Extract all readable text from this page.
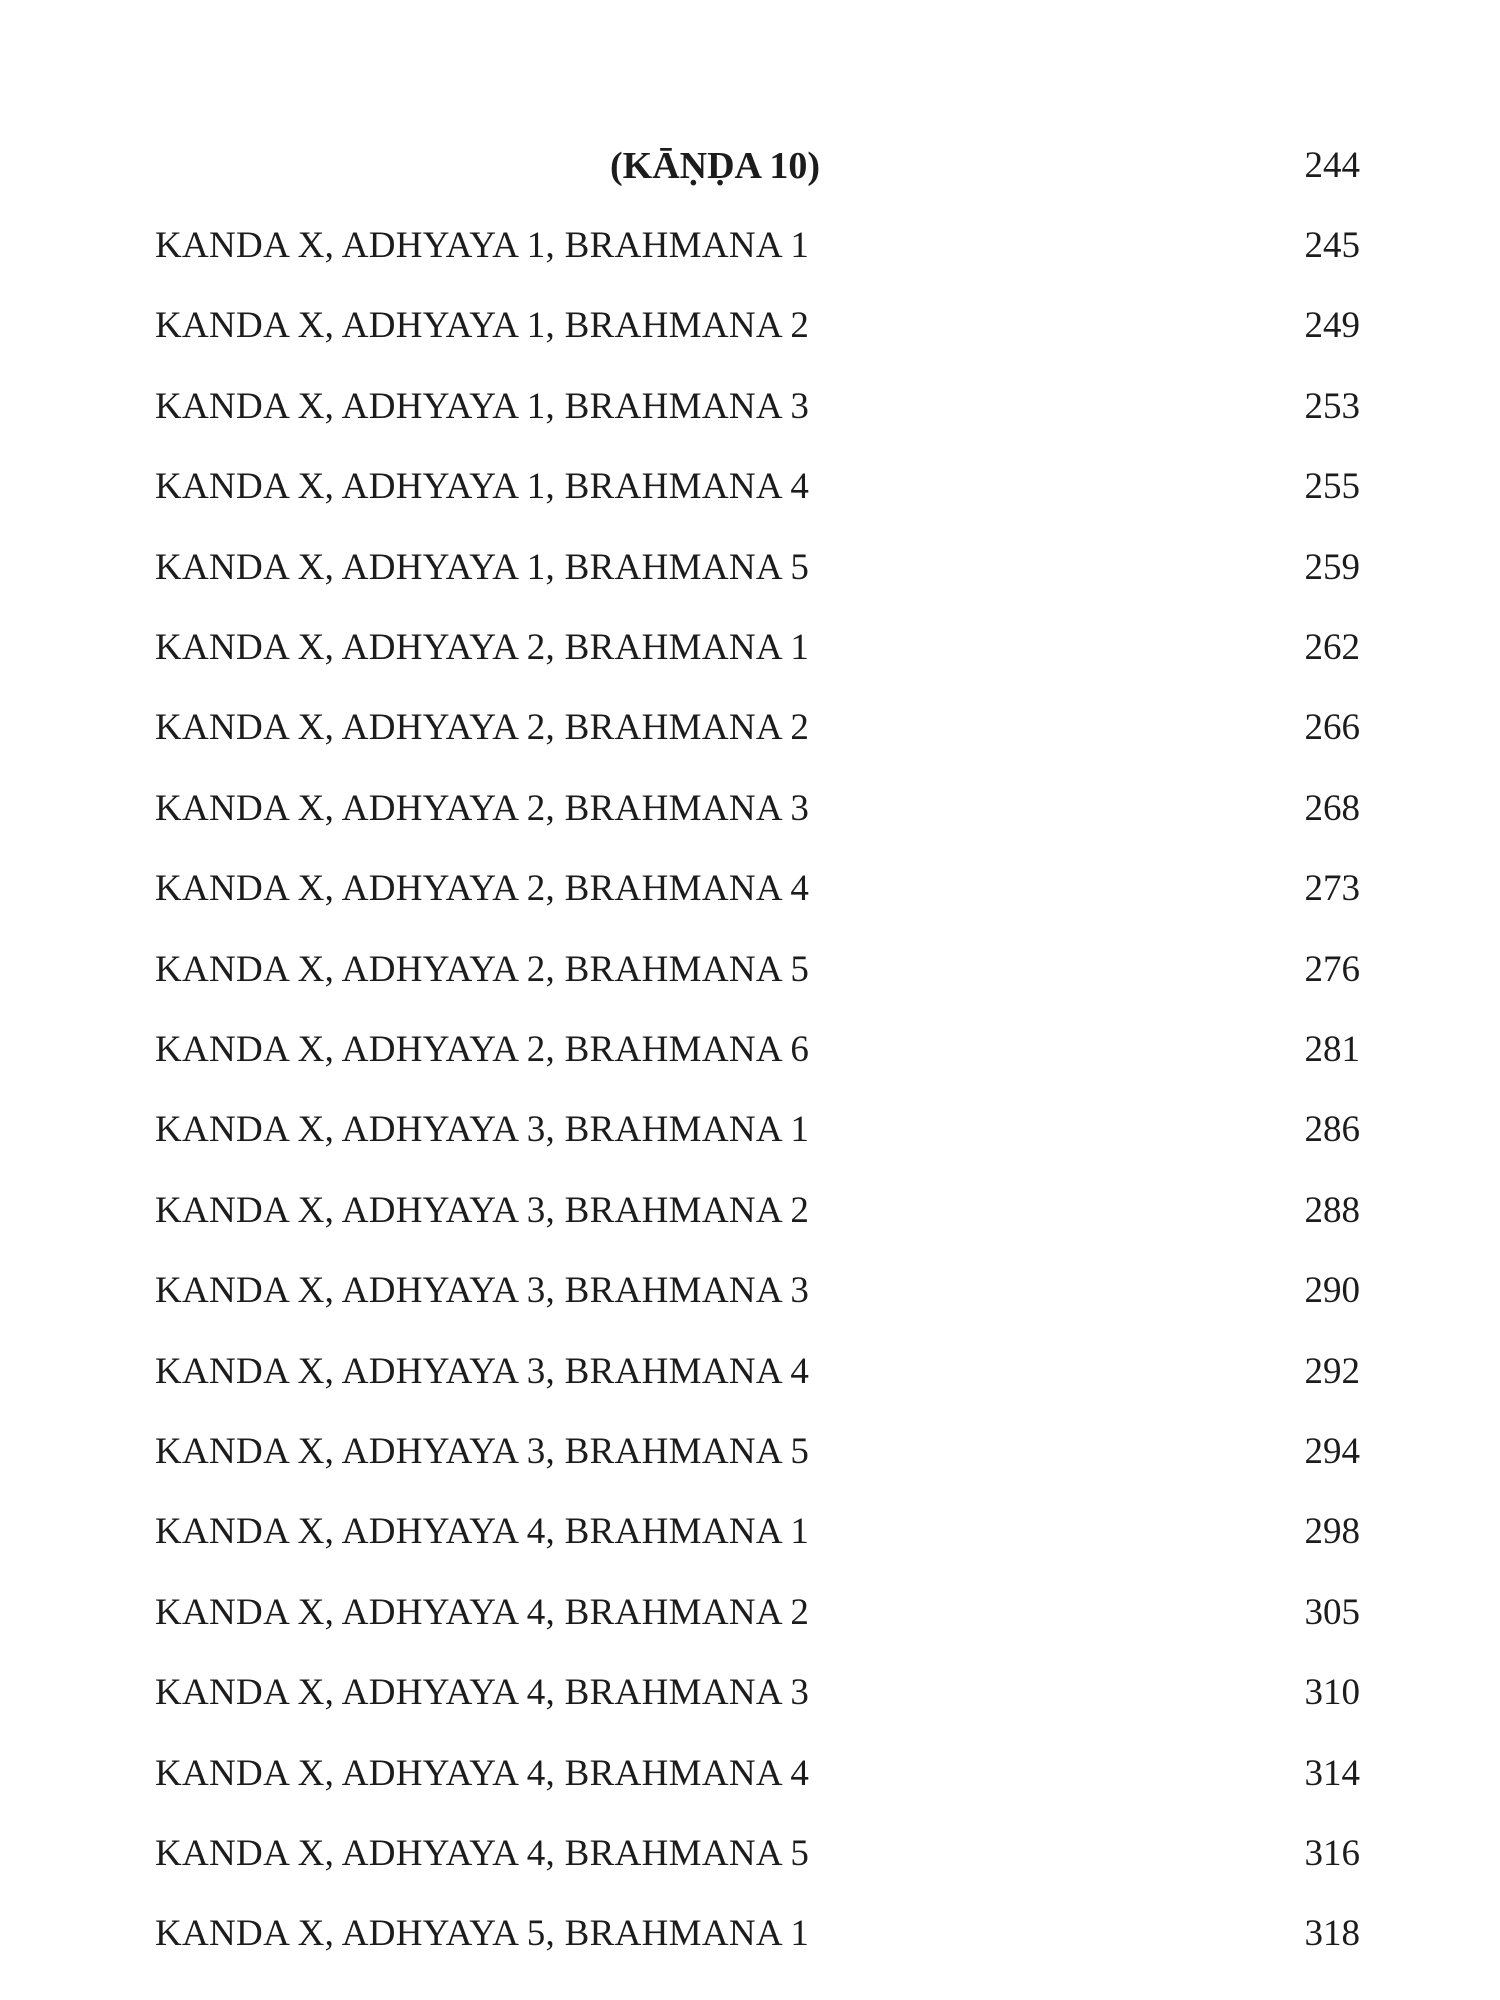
(KĀṆḌA 10)	244
KANDA X, ADHYAYA 1, BRAHMANA 1	245
KANDA X, ADHYAYA 1, BRAHMANA 2	249
KANDA X, ADHYAYA 1, BRAHMANA 3	253
KANDA X, ADHYAYA 1, BRAHMANA 4	255
KANDA X, ADHYAYA 1, BRAHMANA 5	259
KANDA X, ADHYAYA 2, BRAHMANA 1	262
KANDA X, ADHYAYA 2, BRAHMANA 2	266
KANDA X, ADHYAYA 2, BRAHMANA 3	268
KANDA X, ADHYAYA 2, BRAHMANA 4	273
KANDA X, ADHYAYA 2, BRAHMANA 5	276
KANDA X, ADHYAYA 2, BRAHMANA 6	281
KANDA X, ADHYAYA 3, BRAHMANA 1	286
KANDA X, ADHYAYA 3, BRAHMANA 2	288
KANDA X, ADHYAYA 3, BRAHMANA 3	290
KANDA X, ADHYAYA 3, BRAHMANA 4	292
KANDA X, ADHYAYA 3, BRAHMANA 5	294
KANDA X, ADHYAYA 4, BRAHMANA 1	298
KANDA X, ADHYAYA 4, BRAHMANA 2	305
KANDA X, ADHYAYA 4, BRAHMANA 3	310
KANDA X, ADHYAYA 4, BRAHMANA 4	314
KANDA X, ADHYAYA 4, BRAHMANA 5	316
KANDA X, ADHYAYA 5, BRAHMANA 1	318
